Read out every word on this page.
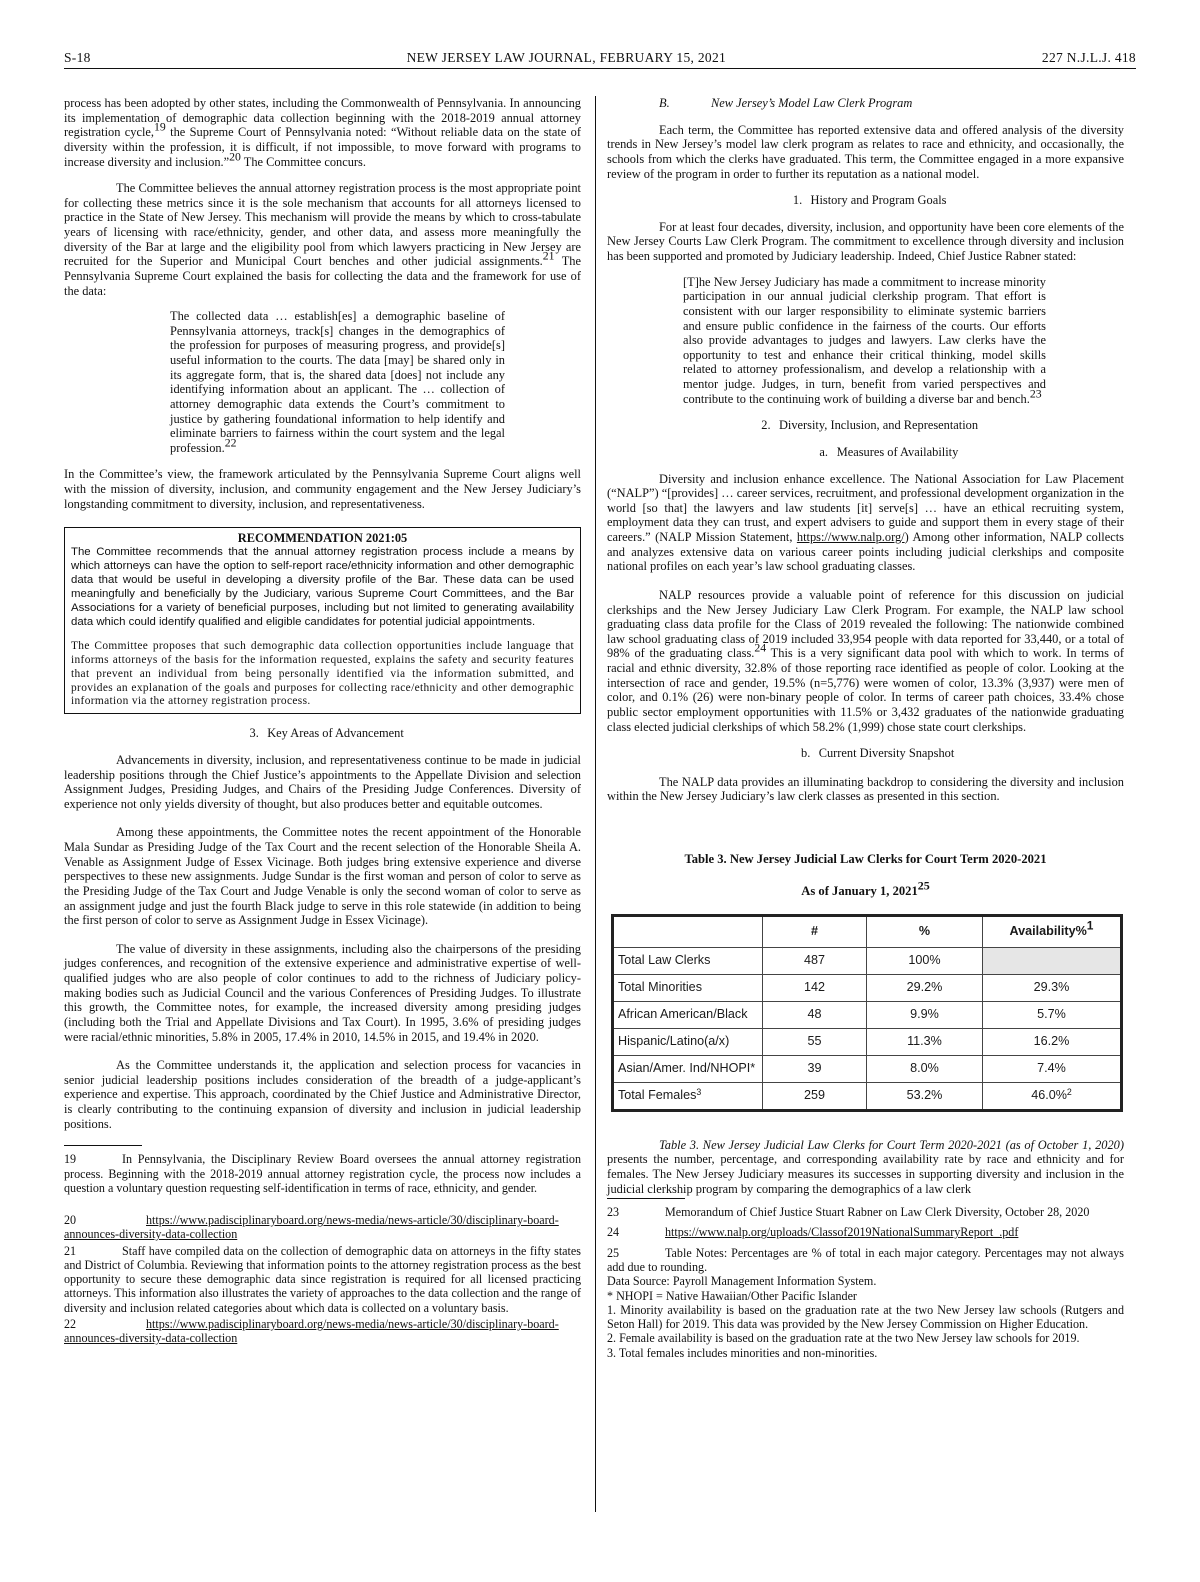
S-18	NEW JERSEY LAW JOURNAL, FEBRUARY 15, 2021	227 N.J.L.J. 418

process has been adopted by other states, including the Commonwealth of Pennsylvania. In announcing its implementation of demographic data collection beginning with the 2018-2019 annual attorney registration cycle,$^{19}$ the Supreme Court of Pennsylvania noted: “Without reliable data on the state of diversity within the profession, it is difficult, if not impossible, to move forward with programs to increase diversity and inclusion.”$^{20}$ The Committee concurs.

The Committee believes the annual attorney registration process is the most appropriate point for collecting these metrics since it is the sole mechanism that accounts for all attorneys licensed to practice in the State of New Jersey. This mechanism will provide the means by which to cross-tabulate years of licensing with race/ethnicity, gender, and other data, and assess more meaningfully the diversity of the Bar at large and the eligibility pool from which lawyers practicing in New Jersey are recruited for the Superior and Municipal Court benches and other judicial assignments.$^{21}$ The Pennsylvania Supreme Court explained the basis for collecting the data and the framework for use of the data:

The collected data … establish[es] a demographic baseline of Pennsylvania attorneys, track[s] changes in the demographics of the profession for purposes of measuring progress, and provide[s] useful information to the courts. The data [may] be shared only in its aggregate form, that is, the shared data [does] not include any identifying information about an applicant. The … collection of attorney demographic data extends the Court’s commitment to justice by gathering foundational information to help identify and eliminate barriers to fairness within the court system and the legal profession.$^{22}$

In the Committee’s view, the framework articulated by the Pennsylvania Supreme Court aligns well with the mission of diversity, inclusion, and community engagement and the New Jersey Judiciary’s longstanding commitment to diversity, inclusion, and representativeness.

RECOMMENDATION 2021:05

The Committee recommends that the annual attorney registration process include a means by which attorneys can have the option to self-report race/ethnicity information and other demographic data that would be useful in developing a diversity profile of the Bar. These data can be used meaningfully and beneficially by the Judiciary, various Supreme Court Committees, and the Bar Associations for a variety of beneficial purposes, including but not limited to generating availability data which could identify qualified and eligible candidates for potential judicial appointments.

The Committee proposes that such demographic data collection opportunities include language that informs attorneys of the basis for the information requested, explains the safety and security features that prevent an individual from being personally identified via the information submitted, and provides an explanation of the goals and purposes for collecting race/ethnicity and other demographic information via the attorney registration process.

3. Key Areas of Advancement

Advancements in diversity, inclusion, and representativeness continue to be made in judicial leadership positions through the Chief Justice’s appointments to the Appellate Division and selection Assignment Judges, Presiding Judges, and Chairs of the Presiding Judge Conferences. Diversity of experience not only yields diversity of thought, but also produces better and equitable outcomes.

Among these appointments, the Committee notes the recent appointment of the Honorable Mala Sundar as Presiding Judge of the Tax Court and the recent selection of the Honorable Sheila A. Venable as Assignment Judge of Essex Vicinage. Both judges bring extensive experience and diverse perspectives to these new assignments. Judge Sundar is the first woman and person of color to serve as the Presiding Judge of the Tax Court and Judge Venable is only the second woman of color to serve as an assignment judge and just the fourth Black judge to serve in this role statewide (in addition to being the first person of color to serve as Assignment Judge in Essex Vicinage).

The value of diversity in these assignments, including also the chairpersons of the presiding judges conferences, and recognition of the extensive experience and administrative expertise of well-qualified judges who are also people of color continues to add to the richness of Judiciary policy-making bodies such as Judicial Council and the various Conferences of Presiding Judges. To illustrate this growth, the Committee notes, for example, the increased diversity among presiding judges (including both the Trial and Appellate Divisions and Tax Court). In 1995, 3.6% of presiding judges were racial/ethnic minorities, 5.8% in 2005, 17.4% in 2010, 14.5% in 2015, and 19.4% in 2020.

As the Committee understands it, the application and selection process for vacancies in senior judicial leadership positions includes consideration of the breadth of a judge-applicant’s experience and expertise. This approach, coordinated by the Chief Justice and Administrative Director, is clearly contributing to the continuing expansion of diversity and inclusion in judicial leadership positions.

19	In Pennsylvania, the Disciplinary Review Board oversees the annual attorney registration process. Beginning with the 2018-2019 annual attorney registration cycle, the process now includes a question a voluntary question requesting self-identification in terms of race, ethnicity, and gender.

20	https://www.padisciplinaryboard.org/news-media/news-article/30/disciplinary-board-announces-diversity-data-collection

21	Staff have compiled data on the collection of demographic data on attorneys in the fifty states and District of Columbia. Reviewing that information points to the attorney registration process as the best opportunity to secure these demographic data since registration is required for all licensed practicing attorneys. This information also illustrates the variety of approaches to the data collection and the range of diversity and inclusion related categories about which data is collected on a voluntary basis.

22	https://www.padisciplinaryboard.org/news-media/news-article/30/disciplinary-board-announces-diversity-data-collection

B.	New Jersey’s Model Law Clerk Program

Each term, the Committee has reported extensive data and offered analysis of the diversity trends in New Jersey’s model law clerk program as relates to race and ethnicity, and occasionally, the schools from which the clerks have graduated. This term, the Committee engaged in a more expansive review of the program in order to further its reputation as a national model.

1. History and Program Goals

For at least four decades, diversity, inclusion, and opportunity have been core elements of the New Jersey Courts Law Clerk Program. The commitment to excellence through diversity and inclusion has been supported and promoted by Judiciary leadership. Indeed, Chief Justice Rabner stated:

[T]he New Jersey Judiciary has made a commitment to increase minority participation in our annual judicial clerkship program. That effort is consistent with our larger responsibility to eliminate systemic barriers and ensure public confidence in the fairness of the courts. Our efforts also provide advantages to judges and lawyers. Law clerks have the opportunity to test and enhance their critical thinking, model skills related to attorney professionalism, and develop a relationship with a mentor judge. Judges, in turn, benefit from varied perspectives and contribute to the continuing work of building a diverse bar and bench.$^{23}$

2. Diversity, Inclusion, and Representation
a. Measures of Availability

Diversity and inclusion enhance excellence. The National Association for Law Placement (“NALP”) “[provides] … career services, recruitment, and professional development organization in the world [so that] the lawyers and law students [it] serve[s] … have an ethical recruiting system, employment data they can trust, and expert advisers to guide and support them in every stage of their careers.” (NALP Mission Statement, https://www.nalp.org/) Among other information, NALP collects and analyzes extensive data on various career points including judicial clerkships and composite national profiles on each year’s law school graduating classes.

NALP resources provide a valuable point of reference for this discussion on judicial clerkships and the New Jersey Judiciary Law Clerk Program. For example, the NALP law school graduating class data profile for the Class of 2019 revealed the following: The nationwide combined law school graduating class of 2019 included 33,954 people with data reported for 33,440, or a total of 98% of the graduating class.$^{24}$ This is a very significant data pool with which to work. In terms of racial and ethnic diversity, 32.8% of those reporting race identified as people of color. Looking at the intersection of race and gender, 19.5% (n=5,776) were women of color, 13.3% (3,937) were men of color, and 0.1% (26) were non-binary people of color. In terms of career path choices, 33.4% chose public sector employment opportunities with 11.5% or 3,432 graduates of the nationwide graduating class elected judicial clerkships of which 58.2% (1,999) chose state court clerkships.

b. Current Diversity Snapshot

The NALP data provides an illuminating backdrop to considering the diversity and inclusion within the New Jersey Judiciary’s law clerk classes as presented in this section.

Table 3. New Jersey Judicial Law Clerks for Court Term 2020-2021
As of January 1, 2021$^{25}$
	#	%	Availability%$^1$
Total Law Clerks	487	100%	
Total Minorities	142	29.2%	29.3%
African American/Black	48	9.9%	5.7%
Hispanic/Latino(a/x)	55	11.3%	16.2%
Asian/Amer. Ind/NHOPI*	39	8.0%	7.4%
Total Females$^3$	259	53.2%	46.0%$^2$

Table 3. New Jersey Judicial Law Clerks for Court Term 2020-2021 (as of October 1, 2020) presents the number, percentage, and corresponding availability rate by race and ethnicity and for females. The New Jersey Judiciary measures its successes in supporting diversity and inclusion in the judicial clerkship program by comparing the demographics of a law clerk

23	Memorandum of Chief Justice Stuart Rabner on Law Clerk Diversity, October 28, 2020

24	https://www.nalp.org/uploads/Classof2019NationalSummaryReport_.pdf

25	Table Notes: Percentages are % of total in each major category. Percentages may not always add due to rounding.

Data Source: Payroll Management Information System.

* NHOPI = Native Hawaiian/Other Pacific Islander

1. Minority availability is based on the graduation rate at the two New Jersey law schools (Rutgers and Seton Hall) for 2019. This data was provided by the New Jersey Commission on Higher Education.

2. Female availability is based on the graduation rate at the two New Jersey law schools for 2019.

3. Total females includes minorities and non-minorities.
